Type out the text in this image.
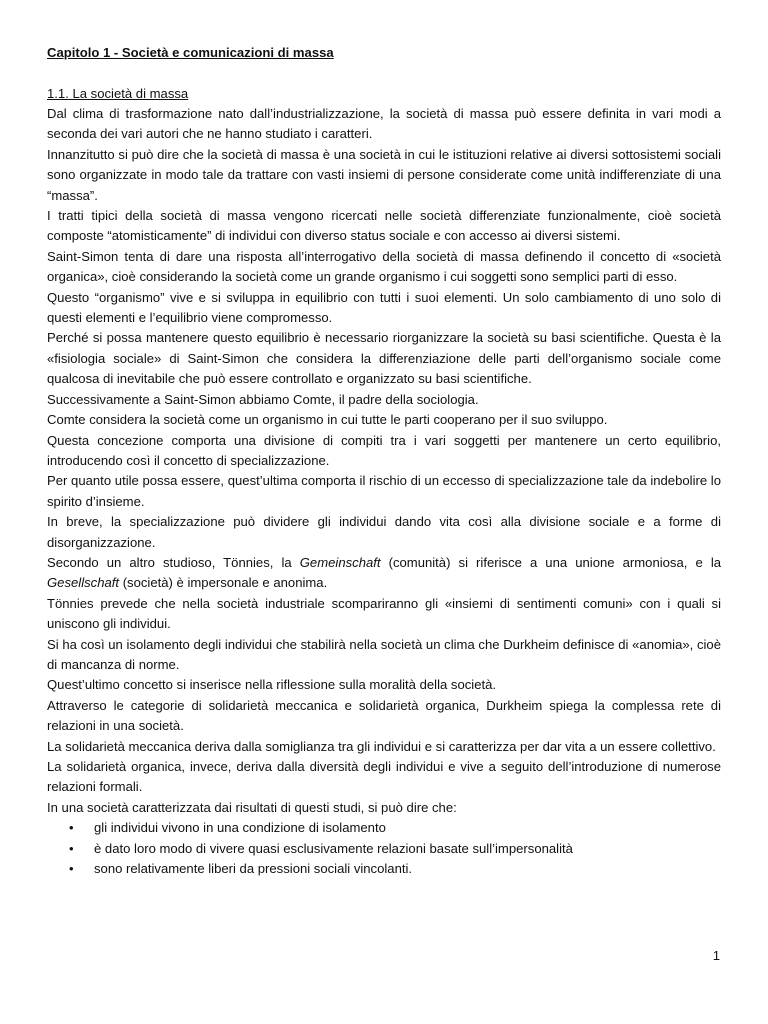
Capitolo 1 - Società e comunicazioni di massa
1.1. La società di massa

Dal clima di trasformazione nato dall’industrializzazione, la società di massa può essere definita in vari modi a seconda dei vari autori che ne hanno studiato i caratteri.

Innanzitutto si può dire che la società di massa è una società in cui le istituzioni relative ai diversi sottosistemi sociali sono organizzate in modo tale da trattare con vasti insiemi di persone considerate come unità indifferenziate di una “massa”.

I tratti tipici della società di massa vengono ricercati nelle società differenziate funzionalmente, cioè società composte “atomisticamente” di individui con diverso status sociale e con accesso ai diversi sistemi.

Saint-Simon tenta di dare una risposta all’interrogativo della società di massa definendo il concetto di «società organica», cioè considerando la società come un grande organismo i cui soggetti sono semplici parti di esso.

Questo “organismo” vive e si sviluppa in equilibrio con tutti i suoi elementi. Un solo cambiamento di uno solo di questi elementi e l’equilibrio viene compromesso.

Perché si possa mantenere questo equilibrio è necessario riorganizzare la società su basi scientifiche. Questa è la «fisiologia sociale» di Saint-Simon che considera la differenziazione delle parti dell’organismo sociale come qualcosa di inevitabile che può essere controllato e organizzato su basi scientifiche.

Successivamente a Saint-Simon abbiamo Comte, il padre della sociologia.

Comte considera la società come un organismo in cui tutte le parti cooperano per il suo sviluppo.

Questa concezione comporta una divisione di compiti tra i vari soggetti per mantenere un certo equilibrio, introducendo così il concetto di specializzazione.

Per quanto utile possa essere, quest’ultima comporta il rischio di un eccesso di specializzazione tale da indebolire lo spirito d’insieme.

In breve, la specializzazione può dividere gli individui dando vita così alla divisione sociale e a forme di disorganizzazione.

Secondo un altro studioso, Tönnies, la Gemeinschaft (comunità) si riferisce a una unione armoniosa, e la Gesellschaft (società) è impersonale e anonima.

Tönnies prevede che nella società industriale scompariranno gli «insiemi di sentimenti comuni» con i quali si uniscono gli individui.

Si ha così un isolamento degli individui che stabilirà nella società un clima che Durkheim definisce di «anomia», cioè di mancanza di norme.

Quest’ultimo concetto si inserisce nella riflessione sulla moralità della società.

Attraverso le categorie di solidarietà meccanica e solidarietà organica, Durkheim spiega la complessa rete di relazioni in una società.

La solidarietà meccanica deriva dalla somiglianza tra gli individui e si caratterizza per dar vita a un essere collettivo.

La solidarietà organica, invece, deriva dalla diversità degli individui e vive a seguito dell’introduzione di numerose relazioni formali.

In una società caratterizzata dai risultati di questi studi, si può dire che:

• gli individui vivono in una condizione di isolamento
• è dato loro modo di vivere quasi esclusivamente relazioni basate sull’impersonalità
• sono relativamente liberi da pressioni sociali vincolanti.
1
